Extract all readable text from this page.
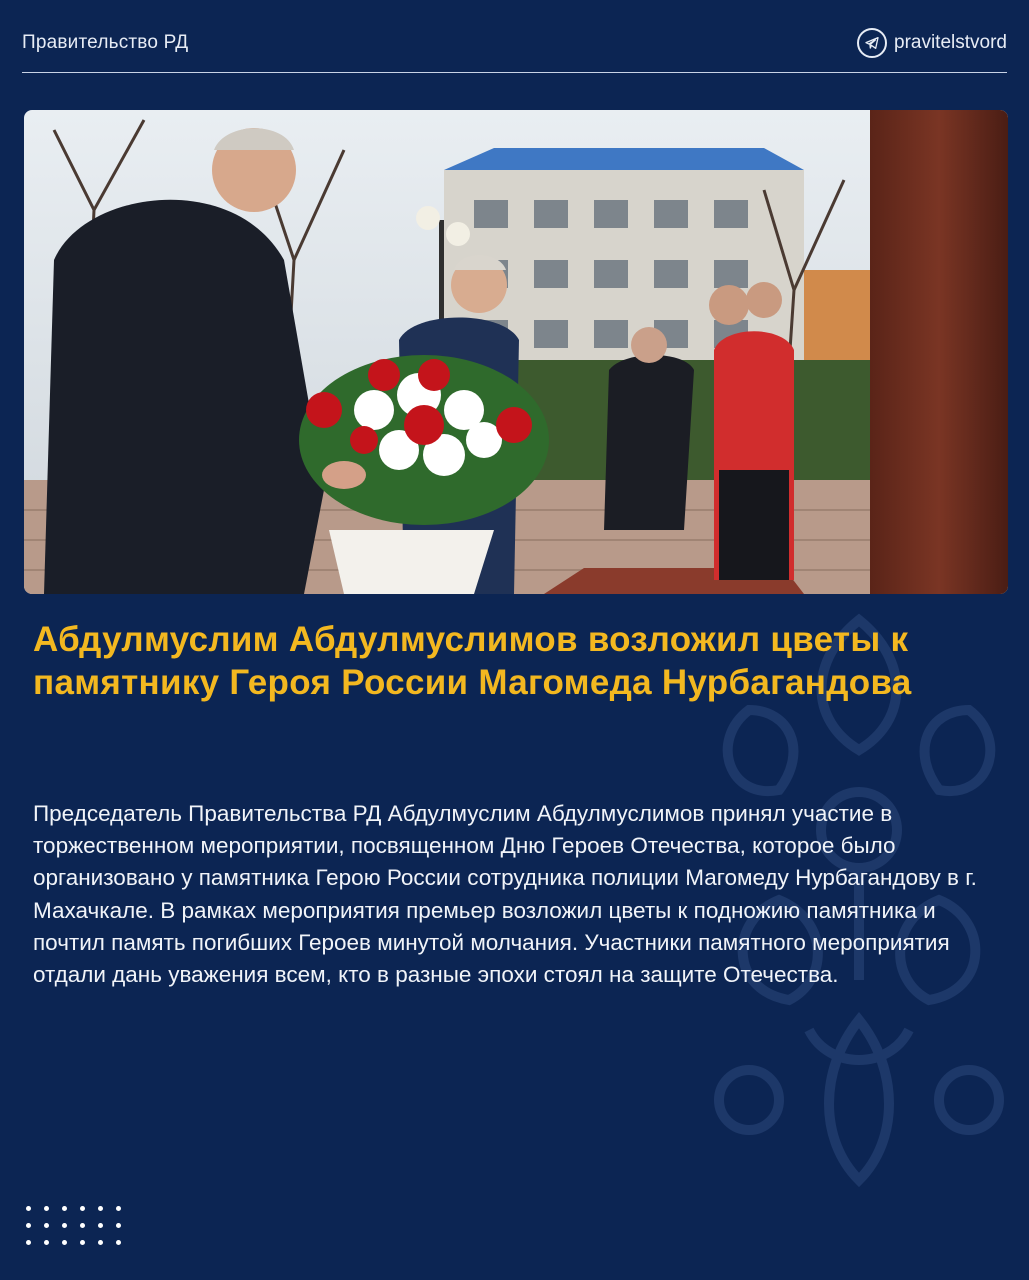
Правительство РД	pravitelstvord
Абдулмуслим Абдулмуслимов возложил цветы к памятнику Героя России Магомеда Нурбагандова

Председатель Правительства РД Абдулмуслим Абдулмуслимов принял участие в торжественном мероприятии, посвященном Дню Героев Отечества, которое было организовано у памятника Герою России сотрудника полиции Магомеду Нурбагандову в г. Махачкале. В рамках мероприятия премьер возложил цветы к подножию памятника и почтил память погибших Героев минутой молчания. Участники памятного мероприятия отдали дань уважения всем, кто в разные эпохи стоял на защите Отечества.
